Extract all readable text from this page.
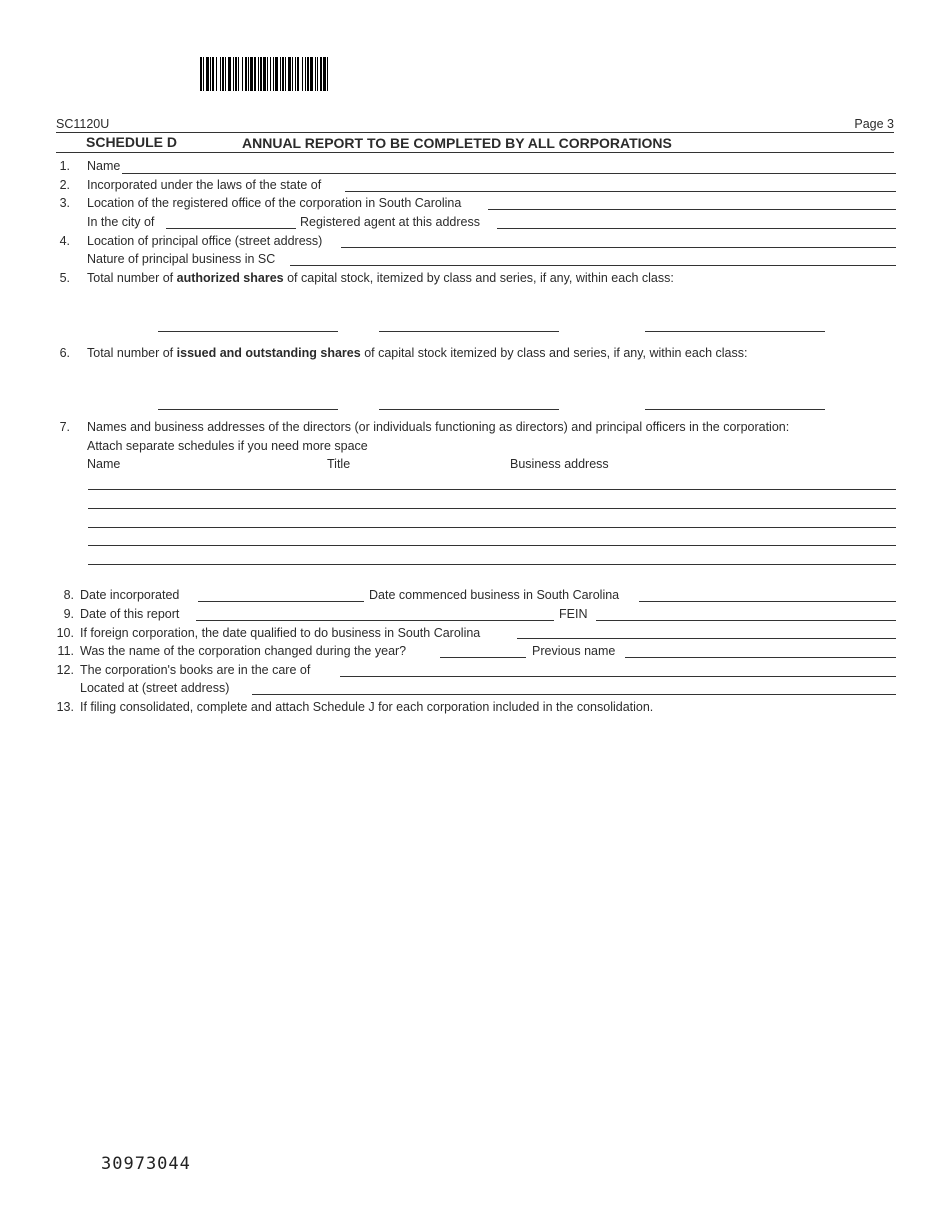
SC1120U	Page 3
SCHEDULE D	ANNUAL REPORT TO BE COMPLETED BY ALL CORPORATIONS
1. Name
2. Incorporated under the laws of the state of
3. Location of the registered office of the corporation in South Carolina
In the city of	Registered agent at this address
4. Location of principal office (street address)
Nature of principal business in SC
5. Total number of authorized shares of capital stock, itemized by class and series, if any, within each class:
6. Total number of issued and outstanding shares of capital stock itemized by class and series, if any, within each class:
7. Names and business addresses of the directors (or individuals functioning as directors) and principal officers in the corporation:
Attach separate schedules if you need more space
Name	Title	Business address
8. Date incorporated	Date commenced business in South Carolina
9. Date of this report	FEIN
10. If foreign corporation, the date qualified to do business in South Carolina
11. Was the name of the corporation changed during the year?	Previous name
12. The corporation's books are in the care of
Located at (street address)
13. If filing consolidated, complete and attach Schedule J for each corporation included in the consolidation.
30973044
